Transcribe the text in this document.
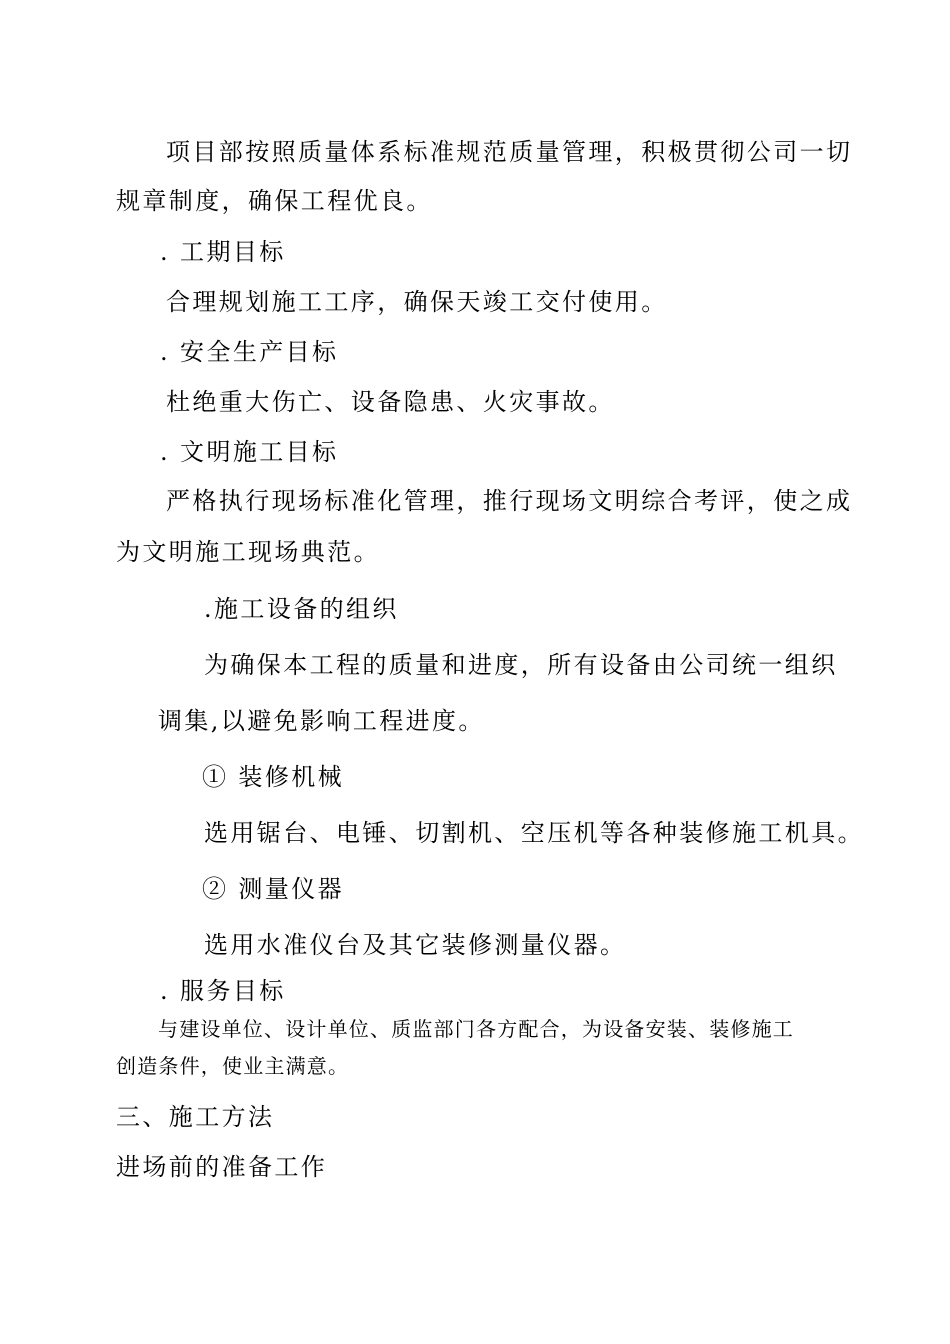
项目部按照质量体系标准规范质量管理，积极贯彻公司一切
规章制度，确保工程优良。
. 工期目标
合理规划施工工序，确保天竣工交付使用。
. 安全生产目标
杜绝重大伤亡、设备隐患、火灾事故。
. 文明施工目标
严格执行现场标准化管理，推行现场文明综合考评，使之成
为文明施工现场典范。
.施工设备的组织
为确保本工程的质量和进度，所有设备由公司统一组织
调集,以避免影响工程进度。
① 装修机械
选用锯台、电锤、切割机、空压机等各种装修施工机具。
② 测量仪器
选用水准仪台及其它装修测量仪器。
. 服务目标
与建设单位、设计单位、质监部门各方配合，为设备安装、装修施工
创造条件，使业主满意。
三、施工方法
进场前的准备工作
